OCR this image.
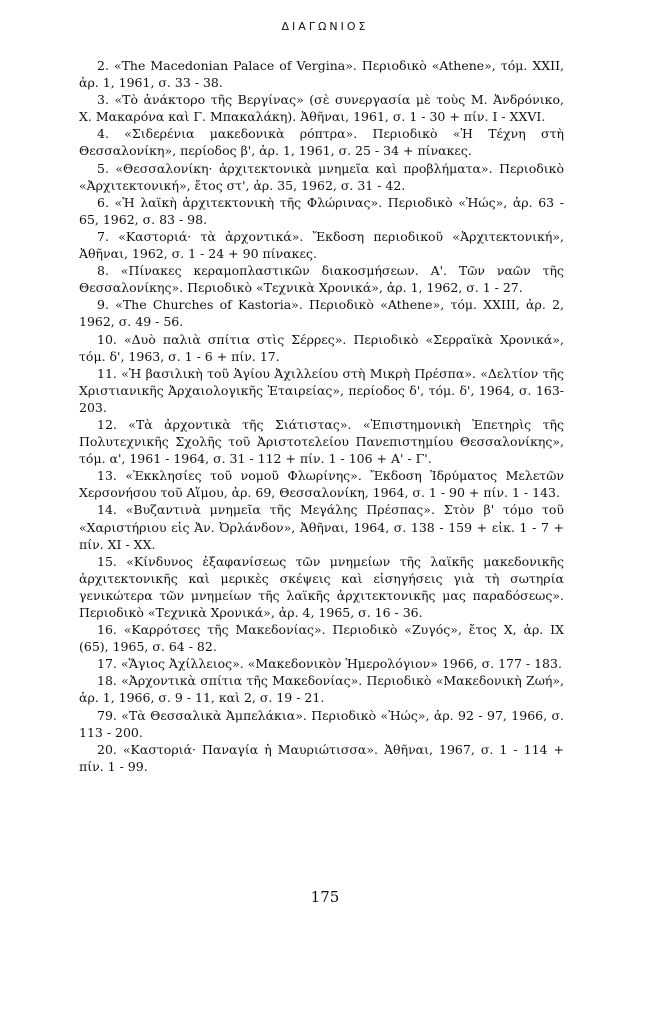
ΔΙΑΓΩΝΙΟΣ

2. «The Macedonian Palace of Vergina». Περιοδικὸ «Athene», τόμ. XXII, ἀρ. 1, 1961, σ. 33 - 38.

3. «Τὸ ἀνάκτορο τῆς Βεργίνας» (σὲ συνεργασία μὲ τοὺς Μ. Ἀνδρόνικο, Χ. Μακαρόνα καὶ Γ. Μπακαλάκη). Ἀθῆναι, 1961, σ. 1 - 30 + πίν. I - XXVI.

4. «Σιδερένια μακεδονικὰ ρόπτρα». Περιοδικὸ «Ἡ Τέχνη στὴ Θεσσαλονίκη», περίοδος β', ἀρ. 1, 1961, σ. 25 - 34 + πίνακες.

5. «Θεσσαλονίκη· ἀρχιτεκτονικὰ μνημεῖα καὶ προβλήματα». Περιοδικὸ «Ἀρχιτεκτονική», ἔτος στ', ἀρ. 35, 1962, σ. 31 - 42.

6. «Ἡ λαϊκὴ ἀρχιτεκτονικὴ τῆς Φλώρινας». Περιοδικὸ «Ἠώς», ἀρ. 63 - 65, 1962, σ. 83 - 98.

7. «Καστοριά· τὰ ἀρχοντικά». Ἔκδοση περιοδικοῦ «Ἀρχιτεκτονική», Ἀθῆναι, 1962, σ. 1 - 24 + 90 πίνακες.

8. «Πίνακες κεραμοπλαστικῶν διακοσμήσεων. Α'. Τῶν ναῶν τῆς Θεσσαλονίκης». Περιοδικὸ «Τεχνικὰ Χρονικά», ἀρ. 1, 1962, σ. 1 - 27.

9. «The Churches of Kastoria». Περιοδικὸ «Athene», τόμ. XXIII, ἀρ. 2, 1962, σ. 49 - 56.

10. «Δυὸ παλιὰ σπίτια στὶς Σέρρες». Περιοδικὸ «Σερραϊκὰ Χρονικά», τόμ. δ', 1963, σ. 1 - 6 + πίν. 17.

11. «Ἡ βασιλικὴ τοῦ Ἁγίου Ἀχιλλείου στὴ Μικρὴ Πρέσπα». «Δελτίον τῆς Χριστιανικῆς Ἀρχαιολογικῆς Ἑταιρείας», περίοδος δ', τόμ. δ', 1964, σ. 163-203.

12. «Τὰ ἀρχοντικὰ τῆς Σιάτιστας». «Ἐπιστημονικὴ Ἐπετηρὶς τῆς Πολυτεχνικῆς Σχολῆς τοῦ Ἀριστοτελείου Πανεπιστημίου Θεσσαλονίκης», τόμ. α', 1961 - 1964, σ. 31 - 112 + πίν. 1 - 106 + Α' - Γ'.

13. «Ἐκκλησίες τοῦ νομοῦ Φλωρίνης». Ἔκδοση Ἱδρύματος Μελετῶν Χερσονήσου τοῦ Αἵμου, ἀρ. 69, Θεσσαλονίκη, 1964, σ. 1 - 90 + πίν. 1 - 143.

14. «Βυζαντινὰ μνημεῖα τῆς Μεγάλης Πρέσπας». Στὸν β' τόμο τοῦ «Χαριστήριου εἰς Ἀν. Ὀρλάνδον», Ἀθῆναι, 1964, σ. 138 - 159 + εἰκ. 1 - 7 + πίν. XI - XX.

15. «Κίνδυνος ἐξαφανίσεως τῶν μνημείων τῆς λαϊκῆς μακεδονικῆς ἀρχιτεκτονικῆς καὶ μερικὲς σκέψεις καὶ εἰσηγήσεις γιὰ τὴ σωτηρία γενικώτερα τῶν μνημείων τῆς λαϊκῆς ἀρχιτεκτονικῆς μας παραδόσεως». Περιοδικὸ «Τεχνικὰ Χρονικά», ἀρ. 4, 1965, σ. 16 - 36.

16. «Καρρότσες τῆς Μακεδονίας». Περιοδικὸ «Ζυγός», ἔτος Χ, ἀρ. IX (65), 1965, σ. 64 - 82.

17. «Ἅγιος Ἀχίλλειος». «Μακεδονικὸν Ἡμερολόγιον» 1966, σ. 177 - 183.

18. «Ἀρχοντικὰ σπίτια τῆς Μακεδονίας». Περιοδικὸ «Μακεδονικὴ Ζωή», ἀρ. 1, 1966, σ. 9 - 11, καὶ 2, σ. 19 - 21.

79. «Τὰ Θεσσαλικὰ Ἀμπελάκια». Περιοδικὸ «Ἠώς», ἀρ. 92 - 97, 1966, σ. 113 - 200.

20. «Καστοριά· Παναγία ἡ Μαυριώτισσα». Ἀθῆναι, 1967, σ. 1 - 114 + πίν. 1 - 99.

175
